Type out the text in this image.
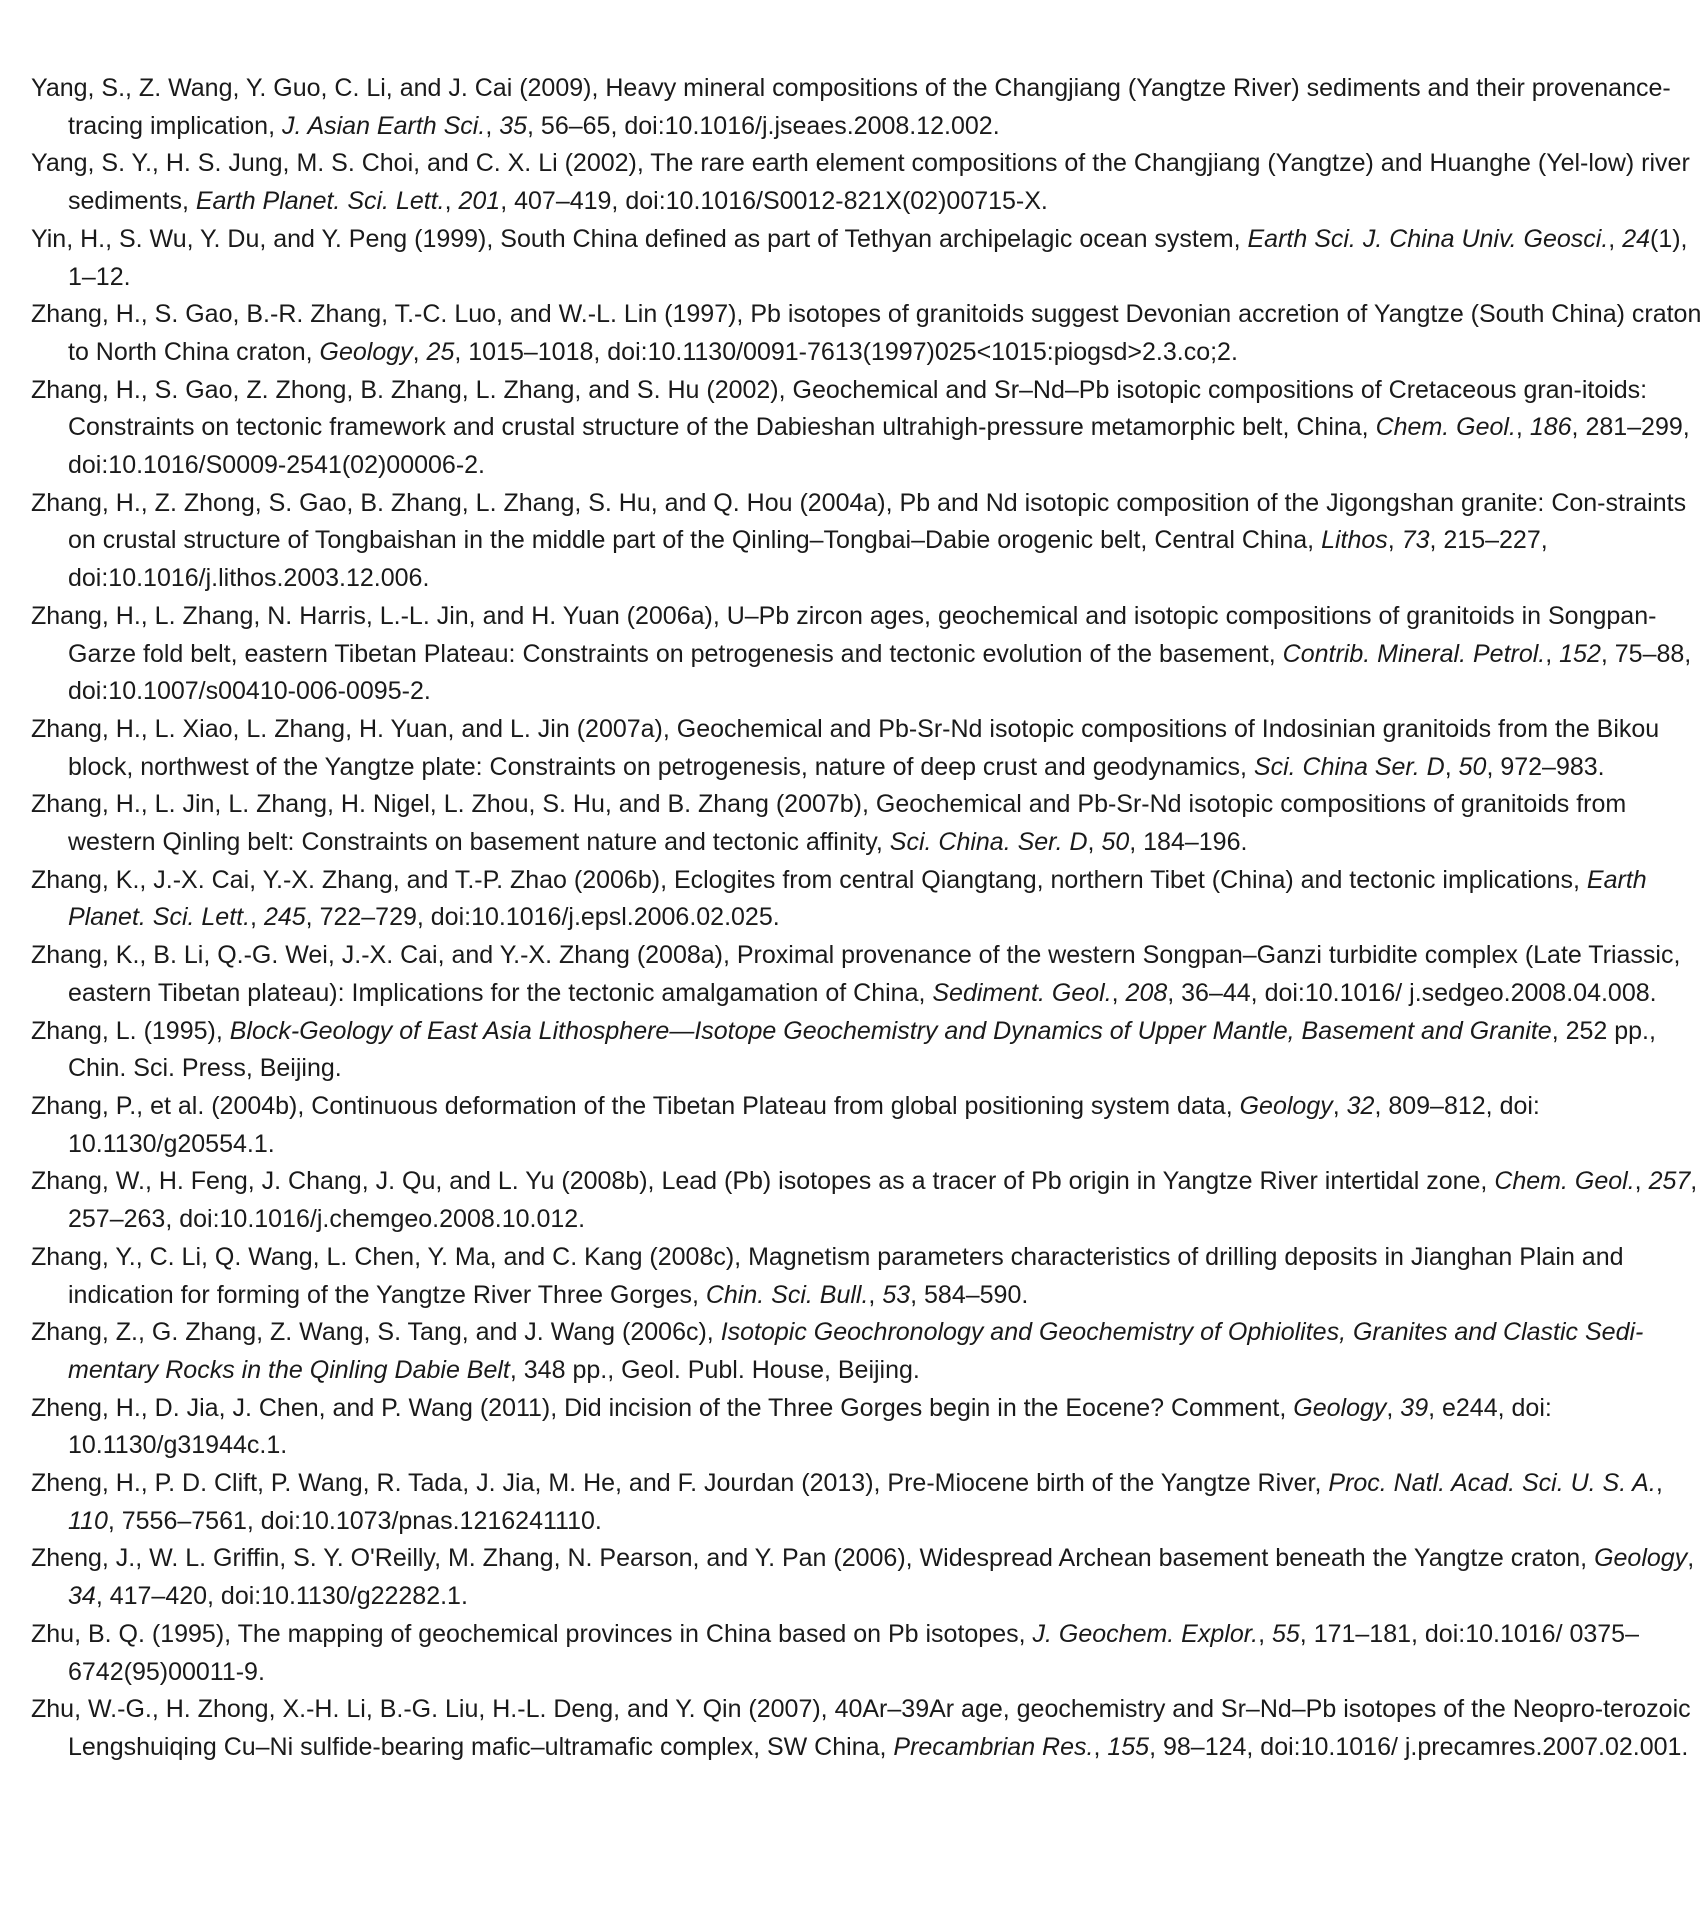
Yang, S., Z. Wang, Y. Guo, C. Li, and J. Cai (2009), Heavy mineral compositions of the Changjiang (Yangtze River) sediments and their provenance-tracing implication, J. Asian Earth Sci., 35, 56–65, doi:10.1016/j.jseaes.2008.12.002.
Yang, S. Y., H. S. Jung, M. S. Choi, and C. X. Li (2002), The rare earth element compositions of the Changjiang (Yangtze) and Huanghe (Yel-low) river sediments, Earth Planet. Sci. Lett., 201, 407–419, doi:10.1016/S0012-821X(02)00715-X.
Yin, H., S. Wu, Y. Du, and Y. Peng (1999), South China defined as part of Tethyan archipelagic ocean system, Earth Sci. J. China Univ. Geosci., 24(1), 1–12.
Zhang, H., S. Gao, B.-R. Zhang, T.-C. Luo, and W.-L. Lin (1997), Pb isotopes of granitoids suggest Devonian accretion of Yangtze (South China) craton to North China craton, Geology, 25, 1015–1018, doi:10.1130/0091-7613(1997)025<1015:piogsd>2.3.co;2.
Zhang, H., S. Gao, Z. Zhong, B. Zhang, L. Zhang, and S. Hu (2002), Geochemical and Sr–Nd–Pb isotopic compositions of Cretaceous gran-itoids: Constraints on tectonic framework and crustal structure of the Dabieshan ultrahigh-pressure metamorphic belt, China, Chem. Geol., 186, 281–299, doi:10.1016/S0009-2541(02)00006-2.
Zhang, H., Z. Zhong, S. Gao, B. Zhang, L. Zhang, S. Hu, and Q. Hou (2004a), Pb and Nd isotopic composition of the Jigongshan granite: Con-straints on crustal structure of Tongbaishan in the middle part of the Qinling–Tongbai–Dabie orogenic belt, Central China, Lithos, 73, 215–227, doi:10.1016/j.lithos.2003.12.006.
Zhang, H., L. Zhang, N. Harris, L.-L. Jin, and H. Yuan (2006a), U–Pb zircon ages, geochemical and isotopic compositions of granitoids in Songpan-Garze fold belt, eastern Tibetan Plateau: Constraints on petrogenesis and tectonic evolution of the basement, Contrib. Mineral. Petrol., 152, 75–88, doi:10.1007/s00410-006-0095-2.
Zhang, H., L. Xiao, L. Zhang, H. Yuan, and L. Jin (2007a), Geochemical and Pb-Sr-Nd isotopic compositions of Indosinian granitoids from the Bikou block, northwest of the Yangtze plate: Constraints on petrogenesis, nature of deep crust and geodynamics, Sci. China Ser. D, 50, 972–983.
Zhang, H., L. Jin, L. Zhang, H. Nigel, L. Zhou, S. Hu, and B. Zhang (2007b), Geochemical and Pb-Sr-Nd isotopic compositions of granitoids from western Qinling belt: Constraints on basement nature and tectonic affinity, Sci. China. Ser. D, 50, 184–196.
Zhang, K., J.-X. Cai, Y.-X. Zhang, and T.-P. Zhao (2006b), Eclogites from central Qiangtang, northern Tibet (China) and tectonic implications, Earth Planet. Sci. Lett., 245, 722–729, doi:10.1016/j.epsl.2006.02.025.
Zhang, K., B. Li, Q.-G. Wei, J.-X. Cai, and Y.-X. Zhang (2008a), Proximal provenance of the western Songpan–Ganzi turbidite complex (Late Triassic, eastern Tibetan plateau): Implications for the tectonic amalgamation of China, Sediment. Geol., 208, 36–44, doi:10.1016/ j.sedgeo.2008.04.008.
Zhang, L. (1995), Block-Geology of East Asia Lithosphere—Isotope Geochemistry and Dynamics of Upper Mantle, Basement and Granite, 252 pp., Chin. Sci. Press, Beijing.
Zhang, P., et al. (2004b), Continuous deformation of the Tibetan Plateau from global positioning system data, Geology, 32, 809–812, doi: 10.1130/g20554.1.
Zhang, W., H. Feng, J. Chang, J. Qu, and L. Yu (2008b), Lead (Pb) isotopes as a tracer of Pb origin in Yangtze River intertidal zone, Chem. Geol., 257, 257–263, doi:10.1016/j.chemgeo.2008.10.012.
Zhang, Y., C. Li, Q. Wang, L. Chen, Y. Ma, and C. Kang (2008c), Magnetism parameters characteristics of drilling deposits in Jianghan Plain and indication for forming of the Yangtze River Three Gorges, Chin. Sci. Bull., 53, 584–590.
Zhang, Z., G. Zhang, Z. Wang, S. Tang, and J. Wang (2006c), Isotopic Geochronology and Geochemistry of Ophiolites, Granites and Clastic Sedi-mentary Rocks in the Qinling Dabie Belt, 348 pp., Geol. Publ. House, Beijing.
Zheng, H., D. Jia, J. Chen, and P. Wang (2011), Did incision of the Three Gorges begin in the Eocene? Comment, Geology, 39, e244, doi: 10.1130/g31944c.1.
Zheng, H., P. D. Clift, P. Wang, R. Tada, J. Jia, M. He, and F. Jourdan (2013), Pre-Miocene birth of the Yangtze River, Proc. Natl. Acad. Sci. U. S. A., 110, 7556–7561, doi:10.1073/pnas.1216241110.
Zheng, J., W. L. Griffin, S. Y. O'Reilly, M. Zhang, N. Pearson, and Y. Pan (2006), Widespread Archean basement beneath the Yangtze craton, Geology, 34, 417–420, doi:10.1130/g22282.1.
Zhu, B. Q. (1995), The mapping of geochemical provinces in China based on Pb isotopes, J. Geochem. Explor., 55, 171–181, doi:10.1016/ 0375–6742(95)00011-9.
Zhu, W.-G., H. Zhong, X.-H. Li, B.-G. Liu, H.-L. Deng, and Y. Qin (2007), 40Ar–39Ar age, geochemistry and Sr–Nd–Pb isotopes of the Neopro-terozoic Lengshuiqing Cu–Ni sulfide-bearing mafic–ultramafic complex, SW China, Precambrian Res., 155, 98–124, doi:10.1016/ j.precamres.2007.02.001.
